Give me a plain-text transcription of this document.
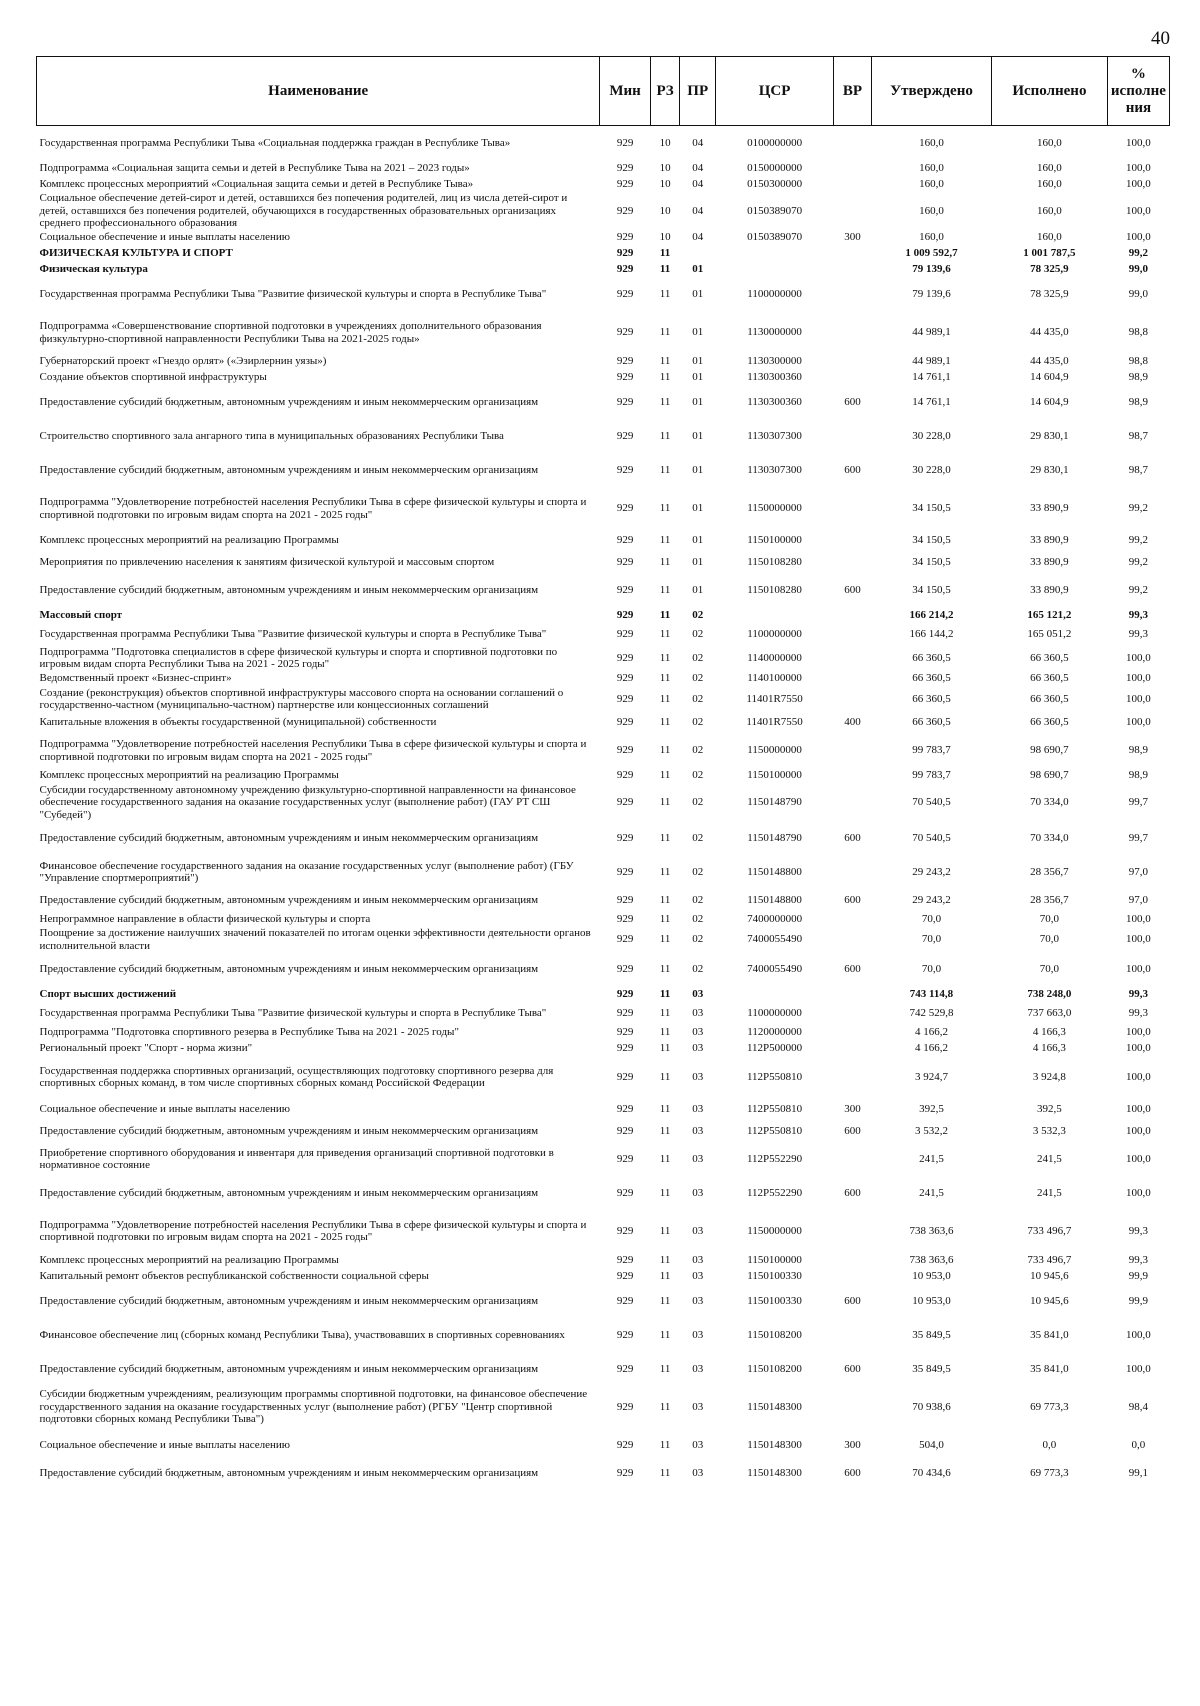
40
Наименование	Мин	РЗ	ПР	ЦСР	ВР	Утверждено	Исполнено	% исполне ния
Государственная программа Республики Тыва «Социальная поддержка граждан в Республике Тыва»	929	10	04	0100000000		160,0	160,0	100,0
Подпрограмма «Социальная защита семьи и детей в Республике Тыва на 2021 – 2023 годы»	929	10	04	0150000000		160,0	160,0	100,0
Комплекс процессных мероприятий «Социальная защита семьи и детей в Республике Тыва»	929	10	04	0150300000		160,0	160,0	100,0
Социальное обеспечение детей-сирот и детей, оставшихся без попечения родителей, лиц из числа детей-сирот и детей, оставшихся без попечения родителей, обучающихся в государственных образовательных организациях среднего профессионального образования	929	10	04	0150389070		160,0	160,0	100,0
Социальное обеспечение и иные выплаты населению	929	10	04	0150389070	300	160,0	160,0	100,0
ФИЗИЧЕСКАЯ КУЛЬТУРА И СПОРТ	929	11				1 009 592,7	1 001 787,5	99,2
Физическая культура	929	11	01			79 139,6	78 325,9	99,0
Государственная программа Республики Тыва "Развитие физической культуры и спорта в Республике Тыва"	929	11	01	1100000000		79 139,6	78 325,9	99,0
Подпрограмма «Совершенствование спортивной подготовки в учреждениях дополнительного образования физкультурно-спортивной направленности Республики Тыва на 2021-2025 годы»	929	11	01	1130000000		44 989,1	44 435,0	98,8
Губернаторский проект «Гнездо орлят» («Эзирлернин уязы»)	929	11	01	1130300000		44 989,1	44 435,0	98,8
Создание объектов спортивной инфраструктуры	929	11	01	1130300360		14 761,1	14 604,9	98,9
Предоставление субсидий бюджетным, автономным учреждениям и иным некоммерческим организациям	929	11	01	1130300360	600	14 761,1	14 604,9	98,9
Строительство спортивного зала ангарного типа в муниципальных образованиях Республики Тыва	929	11	01	1130307300		30 228,0	29 830,1	98,7
Предоставление субсидий бюджетным, автономным учреждениям и иным некоммерческим организациям	929	11	01	1130307300	600	30 228,0	29 830,1	98,7
Подпрограмма "Удовлетворение потребностей населения Республики Тыва в сфере физической культуры и спорта и спортивной подготовки по игровым видам спорта на 2021 - 2025 годы"	929	11	01	1150000000		34 150,5	33 890,9	99,2
Комплекс процессных мероприятий на реализацию Программы	929	11	01	1150100000		34 150,5	33 890,9	99,2
Мероприятия по привлечению населения к занятиям физической культурой и массовым спортом	929	11	01	1150108280		34 150,5	33 890,9	99,2
Предоставление субсидий бюджетным, автономным учреждениям и иным некоммерческим организациям	929	11	01	1150108280	600	34 150,5	33 890,9	99,2
Массовый спорт	929	11	02			166 214,2	165 121,2	99,3
Государственная программа Республики Тыва "Развитие физической культуры и спорта в Республике Тыва"	929	11	02	1100000000		166 144,2	165 051,2	99,3
Подпрограмма "Подготовка специалистов в сфере физической культуры и спорта и спортивной подготовки по игровым видам спорта Республики Тыва на 2021 - 2025 годы"	929	11	02	1140000000		66 360,5	66 360,5	100,0
Ведомственный проект «Бизнес-спринт»	929	11	02	1140100000		66 360,5	66 360,5	100,0
Создание (реконструкция) объектов спортивной инфраструктуры массового спорта на основании соглашений о государственно-частном (муниципально-частном) партнерстве или концессионных соглашений	929	11	02	11401R7550		66 360,5	66 360,5	100,0
Капитальные вложения в объекты государственной (муниципальной) собственности	929	11	02	11401R7550	400	66 360,5	66 360,5	100,0
Подпрограмма "Удовлетворение потребностей населения Республики Тыва в сфере физической культуры и спорта и спортивной подготовки по игровым видам спорта на 2021 - 2025 годы"	929	11	02	1150000000		99 783,7	98 690,7	98,9
Комплекс процессных мероприятий на реализацию Программы	929	11	02	1150100000		99 783,7	98 690,7	98,9
Субсидии государственному автономному учреждению физкультурно-спортивной направленности на финансовое обеспечение государственного задания на оказание государственных услуг (выполнение работ) (ГАУ РТ СШ "Субедей")	929	11	02	1150148790		70 540,5	70 334,0	99,7
Предоставление субсидий бюджетным, автономным учреждениям и иным некоммерческим организациям	929	11	02	1150148790	600	70 540,5	70 334,0	99,7
Финансовое обеспечение государственного задания на оказание государственных услуг (выполнение работ) (ГБУ "Управление спортмероприятий")	929	11	02	1150148800		29 243,2	28 356,7	97,0
Предоставление субсидий бюджетным, автономным учреждениям и иным некоммерческим организациям	929	11	02	1150148800	600	29 243,2	28 356,7	97,0
Непрограммное направление в области физической культуры и спорта	929	11	02	7400000000		70,0	70,0	100,0
Поощрение за достижение наилучших значений показателей по итогам оценки эффективности деятельности органов исполнительной власти	929	11	02	7400055490		70,0	70,0	100,0
Предоставление субсидий бюджетным, автономным учреждениям и иным некоммерческим организациям	929	11	02	7400055490	600	70,0	70,0	100,0
Спорт высших достижений	929	11	03			743 114,8	738 248,0	99,3
Государственная программа Республики Тыва "Развитие физической культуры и спорта в Республике Тыва"	929	11	03	1100000000		742 529,8	737 663,0	99,3
Подпрограмма "Подготовка спортивного резерва в Республике Тыва на 2021 - 2025 годы"	929	11	03	1120000000		4 166,2	4 166,3	100,0
Региональный проект "Спорт - норма жизни"	929	11	03	112P500000		4 166,2	4 166,3	100,0
Государственная поддержка спортивных организаций, осуществляющих подготовку спортивного резерва для спортивных сборных команд, в том числе спортивных сборных команд Российской Федерации	929	11	03	112P550810		3 924,7	3 924,8	100,0
Социальное обеспечение и иные выплаты населению	929	11	03	112P550810	300	392,5	392,5	100,0
Предоставление субсидий бюджетным, автономным учреждениям и иным некоммерческим организациям	929	11	03	112P550810	600	3 532,2	3 532,3	100,0
Приобретение спортивного оборудования и инвентаря для приведения организаций спортивной подготовки в нормативное состояние	929	11	03	112P552290		241,5	241,5	100,0
Предоставление субсидий бюджетным, автономным учреждениям и иным некоммерческим организациям	929	11	03	112P552290	600	241,5	241,5	100,0
Подпрограмма "Удовлетворение потребностей населения Республики Тыва в сфере физической культуры и спорта и спортивной подготовки по игровым видам спорта на 2021 - 2025 годы"	929	11	03	1150000000		738 363,6	733 496,7	99,3
Комплекс процессных мероприятий на реализацию Программы	929	11	03	1150100000		738 363,6	733 496,7	99,3
Капитальный ремонт объектов республиканской собственности социальной сферы	929	11	03	1150100330		10 953,0	10 945,6	99,9
Предоставление субсидий бюджетным, автономным учреждениям и иным некоммерческим организациям	929	11	03	1150100330	600	10 953,0	10 945,6	99,9
Финансовое обеспечение лиц (сборных команд Республики Тыва), участвовавших в спортивных соревнованиях	929	11	03	1150108200		35 849,5	35 841,0	100,0
Предоставление субсидий бюджетным, автономным учреждениям и иным некоммерческим организациям	929	11	03	1150108200	600	35 849,5	35 841,0	100,0
Субсидии бюджетным учреждениям, реализующим программы спортивной подготовки, на финансовое обеспечение государственного задания на оказание государственных услуг (выполнение работ) (РГБУ "Центр спортивной подготовки сборных команд Республики Тыва")	929	11	03	1150148300		70 938,6	69 773,3	98,4
Социальное обеспечение и иные выплаты населению	929	11	03	1150148300	300	504,0	0,0	0,0
Предоставление субсидий бюджетным, автономным учреждениям и иным некоммерческим организациям	929	11	03	1150148300	600	70 434,6	69 773,3	99,1
